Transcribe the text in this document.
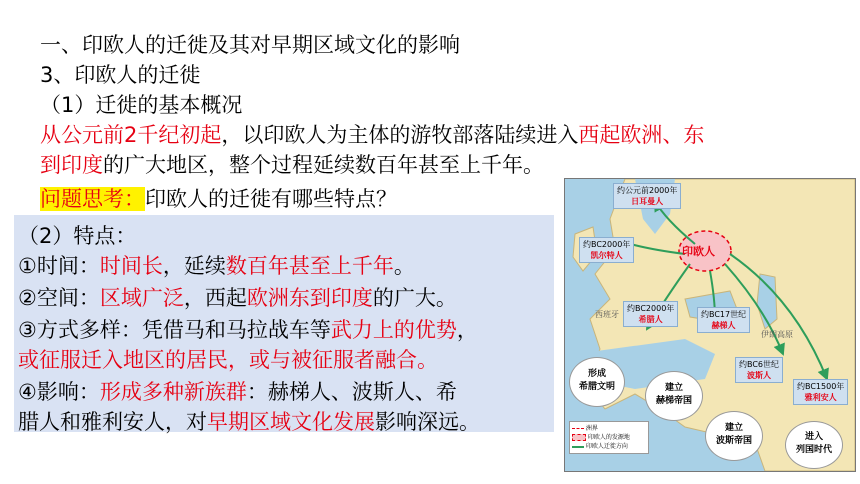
一、印欧人的迁徙及其对早期区域文化的影响
3、印欧人的迁徙
（1）迁徙的基本概况
从公元前2千纪初起，以印欧人为主体的游牧部落陆续进入西起欧洲、东
到印度的广大地区，整个过程延续数百年甚至上千年。
问题思考：印欧人的迁徙有哪些特点？
（2）特点：
①时间：时间长，延续数百年甚至上千年。
②空间：区域广泛，西起欧洲东到印度的广大。
③方式多样：凭借马和马拉战车等武力上的优势，
或征服迁入地区的居民，或与被征服者融合。
④影响：形成多种新族群：赫梯人、波斯人、希
腊人和雅利安人，对早期区域文化发展影响深远。
印欧人
约公元前2000年
日耳曼人
约BC2000年
凯尔特人
约BC2000年
希腊人
约BC17世纪
赫梯人
约BC6世纪
波斯人
约BC1500年
雅利安人
西班牙
伊朗高原
形成
希腊文明	建立
赫梯帝国
建立
波斯帝国	进入
列国时代
洲界
印欧人的发源地
印欧人迁徙方向
